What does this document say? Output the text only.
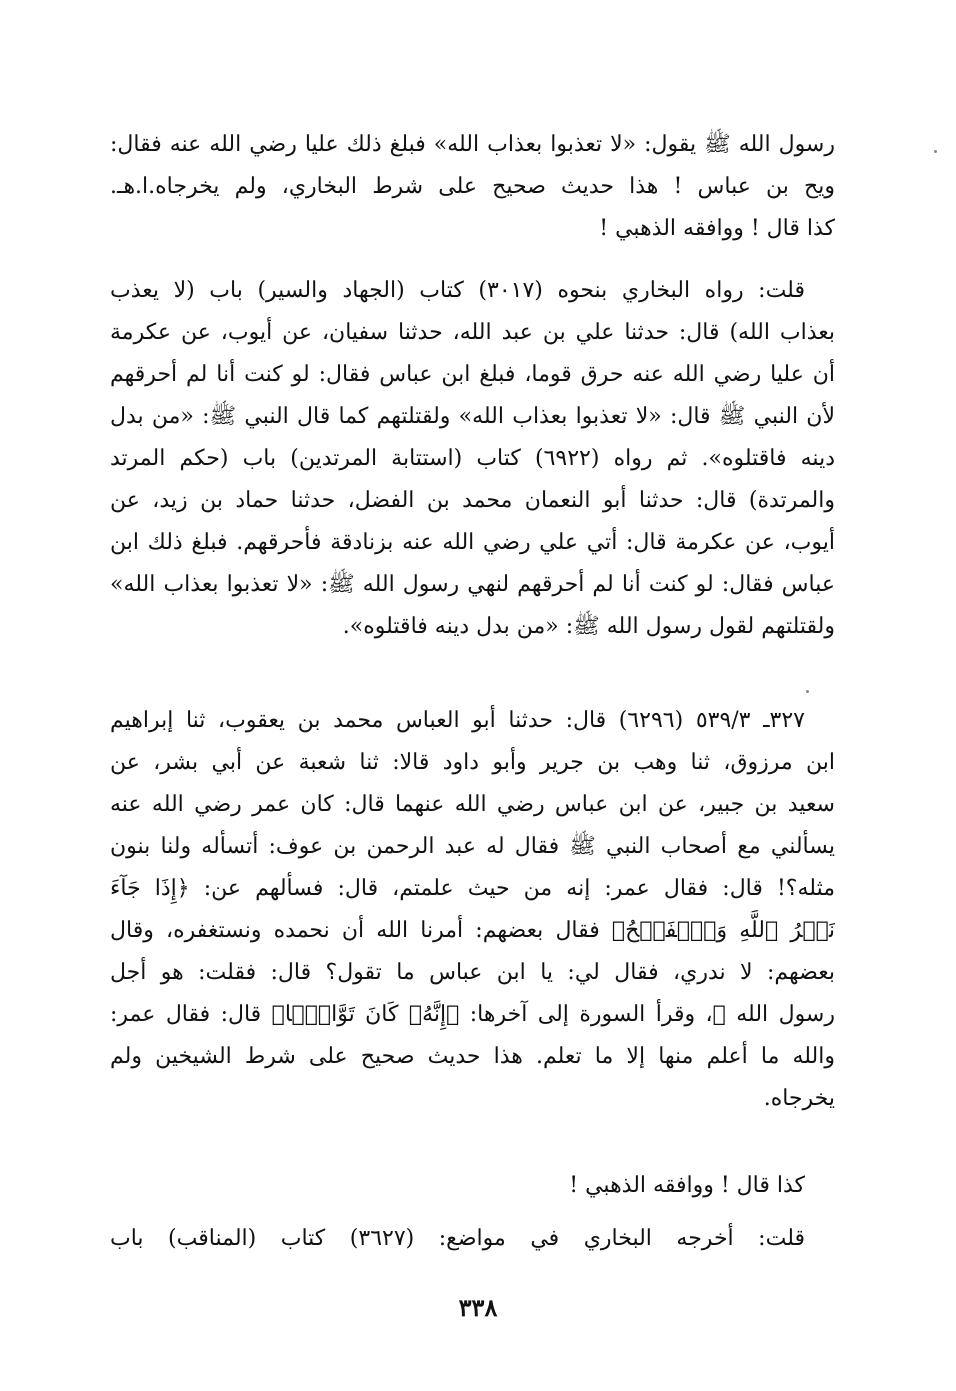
رسول الله ﷺ يقول: «لا تعذبوا بعذاب الله» فبلغ ذلك عليا رضي الله عنه فقال:
ويح بن عباس ! هذا حديث صحيح على شرط البخاري، ولم يخرجاه.ا.هـ.
كذا قال ! ووافقه الذهبي !
قلت: رواه البخاري بنحوه (٣٠١٧) كتاب (الجهاد والسير) باب (لا يعذب
بعذاب الله) قال: حدثنا علي بن عبد الله، حدثنا سفيان، عن أيوب، عن عكرمة
أن عليا رضي الله عنه حرق قوما، فبلغ ابن عباس فقال: لو كنت أنا لم أحرقهم
لأن النبي ﷺ قال: «لا تعذبوا بعذاب الله» ولقتلتهم كما قال النبي ﷺ: «من بدل
دينه فاقتلوه». ثم رواه (٦٩٢٢) كتاب (استتابة المرتدين) باب (حكم المرتد
والمرتدة) قال: حدثنا أبو النعمان محمد بن الفضل، حدثنا حماد بن زيد، عن
أيوب، عن عكرمة قال: أتي علي رضي الله عنه بزنادقة فأحرقهم. فبلغ ذلك ابن
عباس فقال: لو كنت أنا لم أحرقهم لنهي رسول الله ﷺ: «لا تعذبوا بعذاب الله»
ولقتلتهم لقول رسول الله ﷺ: «من بدل دينه فاقتلوه».
٣٢٧ـ ٥٣٩/٣ (٦٢٩٦) قال: حدثنا أبو العباس محمد بن يعقوب، ثنا إبراهيم
ابن مرزوق، ثنا وهب بن جرير وأبو داود قالا: ثنا شعبة عن أبي بشر، عن
سعيد بن جبير، عن ابن عباس رضي الله عنهما قال: كان عمر رضي الله عنه
يسألني مع أصحاب النبي ﷺ فقال له عبد الرحمن بن عوف: أتسأله ولنا بنون
مثله؟! قال: فقال عمر: إنه من حيث علمتم، قال: فسألهم عن: ﴿إِذَا جَآءَ
نَصۡرُ ٱللَّهِ وَٱلۡفَتۡحُ﴾ فقال بعضهم: أمرنا الله أن نحمده ونستغفره، وقال
بعضهم: لا ندري، فقال لي: يا ابن عباس ما تقول؟ قال: فقلت: هو أجل
رسول الله ﷺ، وقرأ السورة إلى آخرها: ﴿إِنَّهُۥ كَانَ تَوَّابَۢا﴾ قال: فقال عمر:
والله ما أعلم منها إلا ما تعلم. هذا حديث صحيح على شرط الشيخين ولم
يخرجاه.
كذا قال ! ووافقه الذهبي !
قلت: أخرجه البخاري في مواضع: (٣٦٢٧) كتاب (المناقب) باب
٣٣٨
